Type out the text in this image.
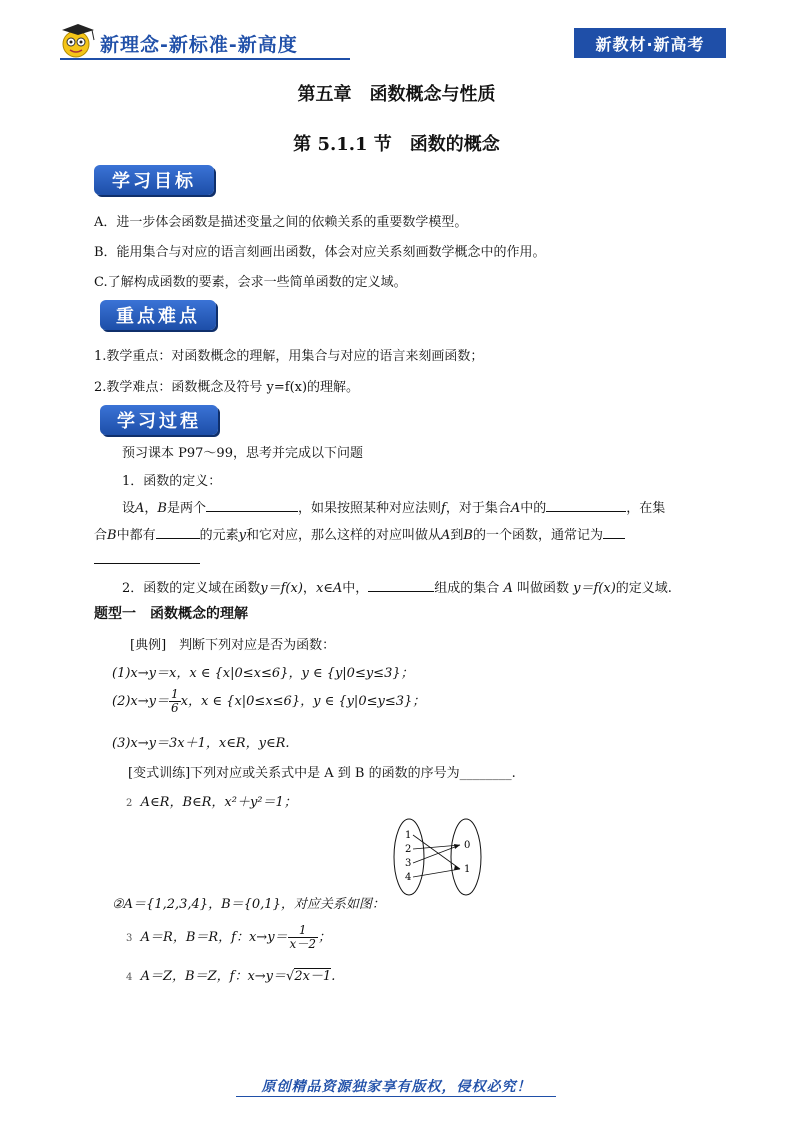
新理念-新标准-新高度	新教材·新高考
第五章　函数概念与性质
第 5.1.1 节　函数的概念
学习目标
A．进一步体会函数是描述变量之间的依赖关系的重要数学模型。
B．能用集合与对应的语言刻画出函数，体会对应关系刻画数学概念中的作用。
C.了解构成函数的要素，会求一些简单函数的定义域。
重点难点
1.教学重点：对函数概念的理解，用集合与对应的语言来刻画函数；
2.教学难点：函数概念及符号 y=f(x)的理解。
学习过程
预习课本 P97～99，思考并完成以下问题
1．函数的定义：
设A，B是两个	，如果按照某种对应法则f，对于集合A中的	，在集
合B中都有	的元素y和它对应，那么这样的对应叫做从A到B的一个函数，通常记为
2．函数的定义域在函数y＝f(x)，x∈A中，	组成的集合 A 叫做函数 y＝f(x)的定义域.
题型一　函数概念的理解
[典例]　判断下列对应是否为函数：
(1)x→y＝x，x ∈ {x|0≤x≤6}，y ∈ {y|0≤y≤3}；
$(2)x\to y= \frac{1}{6}$ x，x ∈ {x|0≤x≤6}，y ∈ {y|0≤y≤3}；
(3)x→y＝3x＋1，x∈R，y∈R.
[变式训练]下列对应或关系式中是 A 到 B 的函数的序号为________.
2 A∈R，B∈R，x²＋y²＝1；
1
2
3
4
0
1
②A＝{1,2,3,4}，B＝{0,1}，对应关系如图：
3 A＝R，B＝R，f：$x\to y= \frac{1}{x-2}$ ；
4 A＝Z，B＝Z，f：x→y＝√2x－1.
原创精品资源独家享有版权，侵权必究！
